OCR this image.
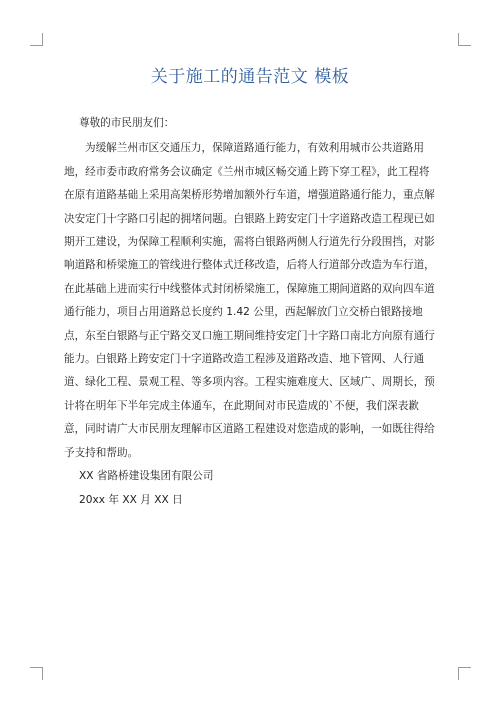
关于施工的通告范文 模板

尊敬的市民朋友们：

为缓解兰州市区交通压力，保障道路通行能力，有效利用城市公共道路用地，经市委市政府常务会议确定《兰州市城区畅交通上跨下穿工程》，此工程将在原有道路基础上采用高架桥形势增加额外行车道，增强道路通行能力，重点解决安定门十字路口引起的拥堵问题。白银路上跨安定门十字道路改造工程现已如期开工建设，为保障工程顺利实施，需将白银路两侧人行道先行分段围挡，对影响道路和桥梁施工的管线进行整体式迁移改造，后将人行道部分改造为车行道，在此基础上进而实行中线整体式封闭桥梁施工，保障施工期间道路的双向四车道通行能力，项目占用道路总长度约 1.42 公里，西起解放门立交桥白银路接地点，东至白银路与正宁路交叉口施工期间维持安定门十字路口南北方向原有通行能力。白银路上跨安定门十字道路改造工程涉及道路改造、地下管网、人行通道、绿化工程、景观工程、等多项内容。工程实施难度大、区域广、周期长，预计将在明年下半年完成主体通车，在此期间对市民造成的`不便，我们深表歉意，同时请广大市民朋友理解市区道路工程建设对您造成的影响，一如既往得给予支持和帮助。

XX 省路桥建设集团有限公司

20xx 年 XX 月 XX 日
